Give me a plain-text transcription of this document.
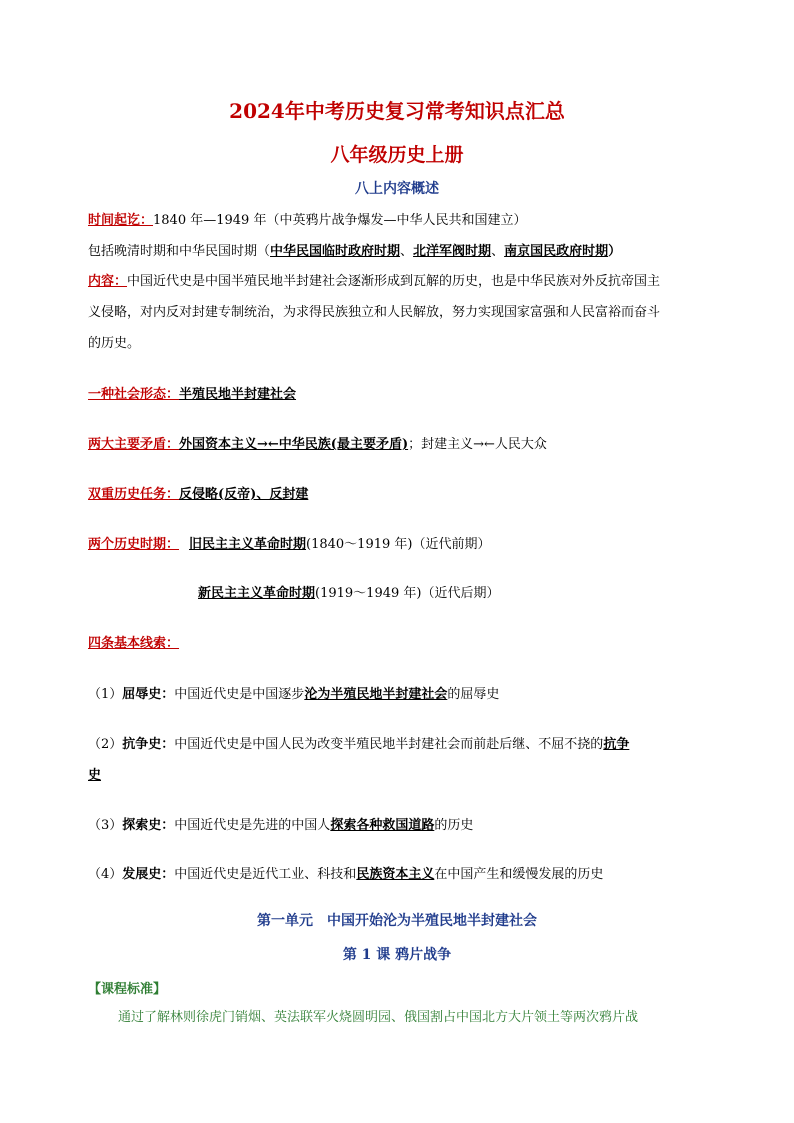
2024年中考历史复习常考知识点汇总
八年级历史上册
八上内容概述
时间起讫：1840 年—1949 年（中英鸦片战争爆发—中华人民共和国建立）
包括晚清时期和中华民国时期（中华民国临时政府时期、北洋军阀时期、南京国民政府时期）
内容：中国近代史是中国半殖民地半封建社会逐渐形成到瓦解的历史，也是中华民族对外反抗帝国主
义侵略，对内反对封建专制统治，为求得民族独立和人民解放，努力实现国家富强和人民富裕而奋斗
的历史。
一种社会形态：半殖民地半封建社会
两大主要矛盾：外国资本主义→←中华民族(最主要矛盾)；封建主义→←人民大众
双重历史任务：反侵略(反帝)、反封建
两个历史时期： 旧民主主义革命时期(1840～1919 年)（近代前期）
新民主主义革命时期(1919～1949 年)（近代后期）
四条基本线索：
（1）屈辱史：中国近代史是中国逐步沦为半殖民地半封建社会的屈辱史
（2）抗争史：中国近代史是中国人民为改变半殖民地半封建社会而前赴后继、不屈不挠的抗争
史
（3）探索史：中国近代史是先进的中国人探索各种救国道路的历史
（4）发展史：中国近代史是近代工业、科技和民族资本主义在中国产生和缓慢发展的历史
第一单元　中国开始沦为半殖民地半封建社会
第 1 课 鸦片战争
【课程标准】
通过了解林则徐虎门销烟、英法联军火烧圆明园、俄国割占中国北方大片领土等两次鸦片战
